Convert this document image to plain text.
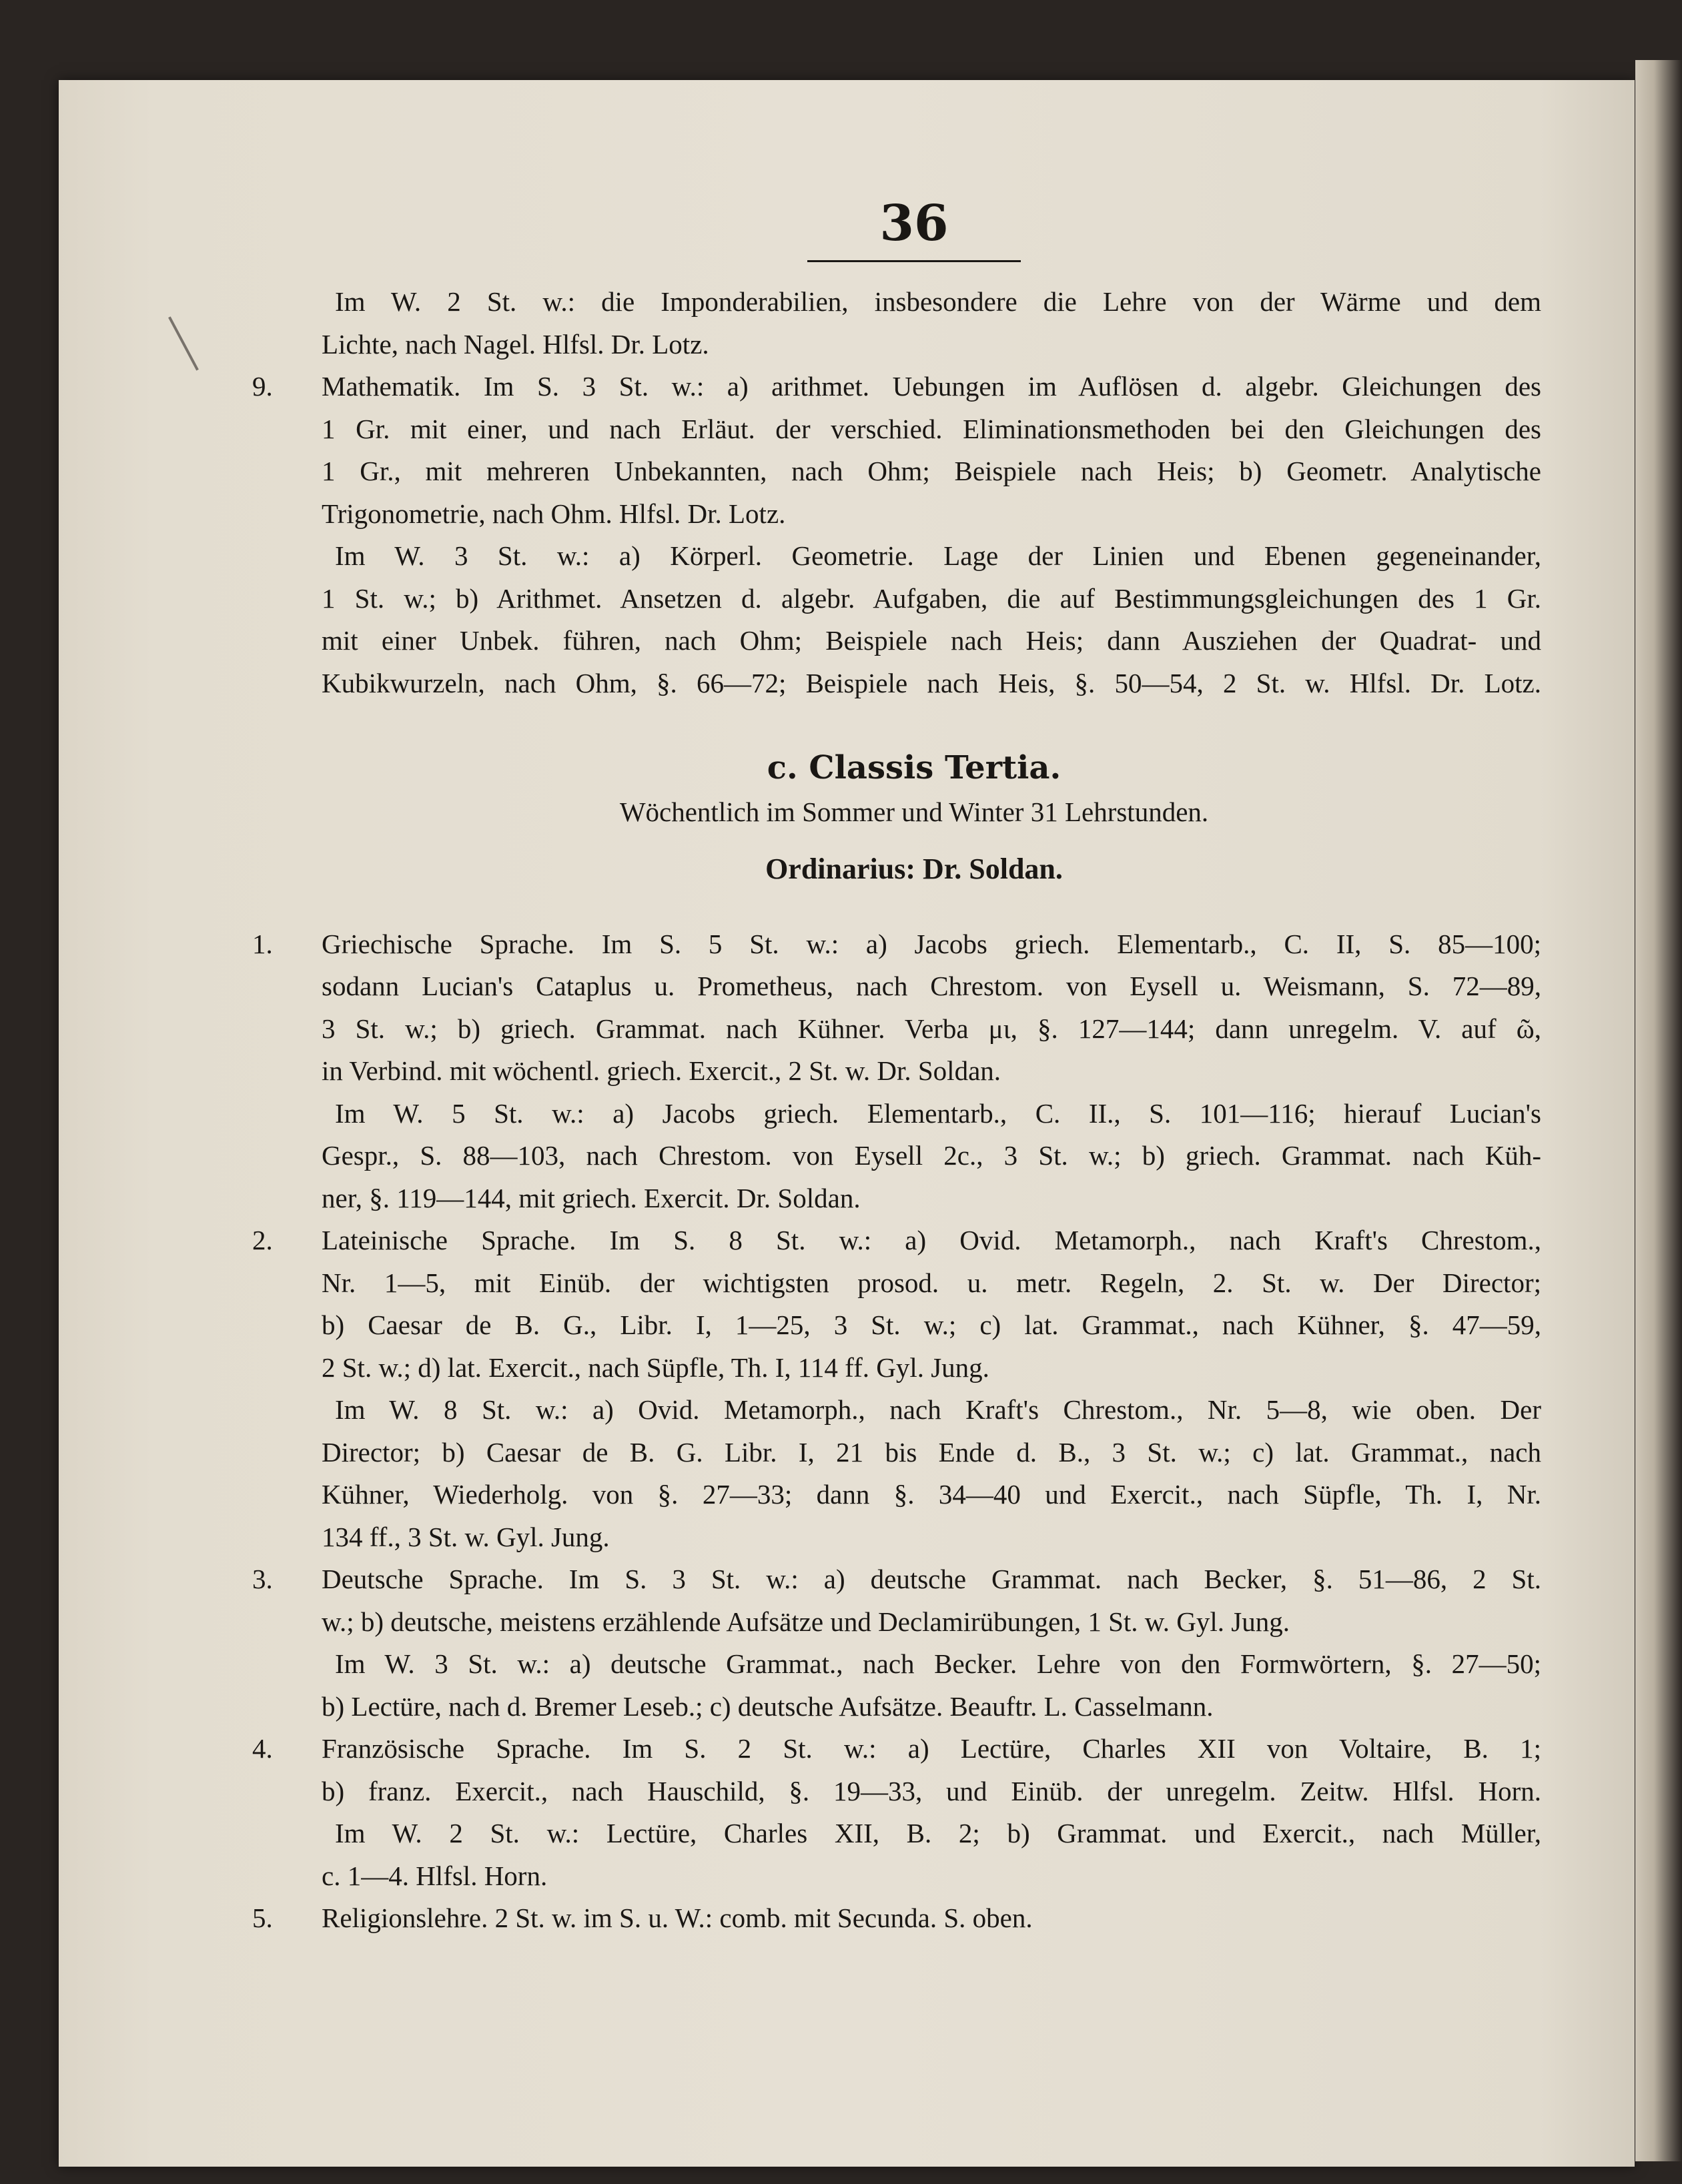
36
Im W. 2 St. w.: die Imponderabilien, insbesondere die Lehre von der Wärme und dem
Lichte, nach Nagel. Hlfsl. Dr. Lotz.
9. Mathematik. Im S. 3 St. w.: a) arithmet. Uebungen im Auflösen d. algebr. Gleichungen des
1 Gr. mit einer, und nach Erläut. der verschied. Eliminationsmethoden bei den Gleichungen des
1 Gr., mit mehreren Unbekannten, nach Ohm; Beispiele nach Heis; b) Geometr. Analytische
Trigonometrie, nach Ohm. Hlfsl. Dr. Lotz.
Im W. 3 St. w.: a) Körperl. Geometrie. Lage der Linien und Ebenen gegeneinander,
1 St. w.; b) Arithmet. Ansetzen d. algebr. Aufgaben, die auf Bestimmungsgleichungen des 1 Gr.
mit einer Unbek. führen, nach Ohm; Beispiele nach Heis; dann Ausziehen der Quadrat- und
Kubikwurzeln, nach Ohm, §. 66—72; Beispiele nach Heis, §. 50—54, 2 St. w. Hlfsl. Dr. Lotz.
c. Classis Tertia.
Wöchentlich im Sommer und Winter 31 Lehrstunden.
Ordinarius: Dr. Soldan.
1. Griechische Sprache. Im S. 5 St. w.: a) Jacobs griech. Elementarb., C. II, S. 85—100;
sodann Lucian's Cataplus u. Prometheus, nach Chrestom. von Eysell u. Weismann, S. 72—89,
3 St. w.; b) griech. Grammat. nach Kühner. Verba μι, §. 127—144; dann unregelm. V. auf ῶ,
in Verbind. mit wöchentl. griech. Exercit., 2 St. w. Dr. Soldan.
Im W. 5 St. w.: a) Jacobs griech. Elementarb., C. II., S. 101—116; hierauf Lucian's
Gespr., S. 88—103, nach Chrestom. von Eysell 2c., 3 St. w.; b) griech. Grammat. nach Küh-
ner, §. 119—144, mit griech. Exercit. Dr. Soldan.
2. Lateinische Sprache. Im S. 8 St. w.: a) Ovid. Metamorph., nach Kraft's Chrestom.,
Nr. 1—5, mit Einüb. der wichtigsten prosod. u. metr. Regeln, 2. St. w. Der Director;
b) Caesar de B. G., Libr. I, 1—25, 3 St. w.; c) lat. Grammat., nach Kühner, §. 47—59,
2 St. w.; d) lat. Exercit., nach Süpfle, Th. I, 114 ff. Gyl. Jung.
Im W. 8 St. w.: a) Ovid. Metamorph., nach Kraft's Chrestom., Nr. 5—8, wie oben. Der
Director; b) Caesar de B. G. Libr. I, 21 bis Ende d. B., 3 St. w.; c) lat. Grammat., nach
Kühner, Wiederholg. von §. 27—33; dann §. 34—40 und Exercit., nach Süpfle, Th. I, Nr.
134 ff., 3 St. w. Gyl. Jung.
3. Deutsche Sprache. Im S. 3 St. w.: a) deutsche Grammat. nach Becker, §. 51—86, 2 St.
w.; b) deutsche, meistens erzählende Aufsätze und Declamirübungen, 1 St. w. Gyl. Jung.
Im W. 3 St. w.: a) deutsche Grammat., nach Becker. Lehre von den Formwörtern, §. 27—50;
b) Lectüre, nach d. Bremer Leseb.; c) deutsche Aufsätze. Beauftr. L. Casselmann.
4. Französische Sprache. Im S. 2 St. w.: a) Lectüre, Charles XII von Voltaire, B. 1;
b) franz. Exercit., nach Hauschild, §. 19—33, und Einüb. der unregelm. Zeitw. Hlfsl. Horn.
Im W. 2 St. w.: Lectüre, Charles XII, B. 2; b) Grammat. und Exercit., nach Müller,
c. 1—4. Hlfsl. Horn.
5. Religionslehre. 2 St. w. im S. u. W.: comb. mit Secunda. S. oben.
